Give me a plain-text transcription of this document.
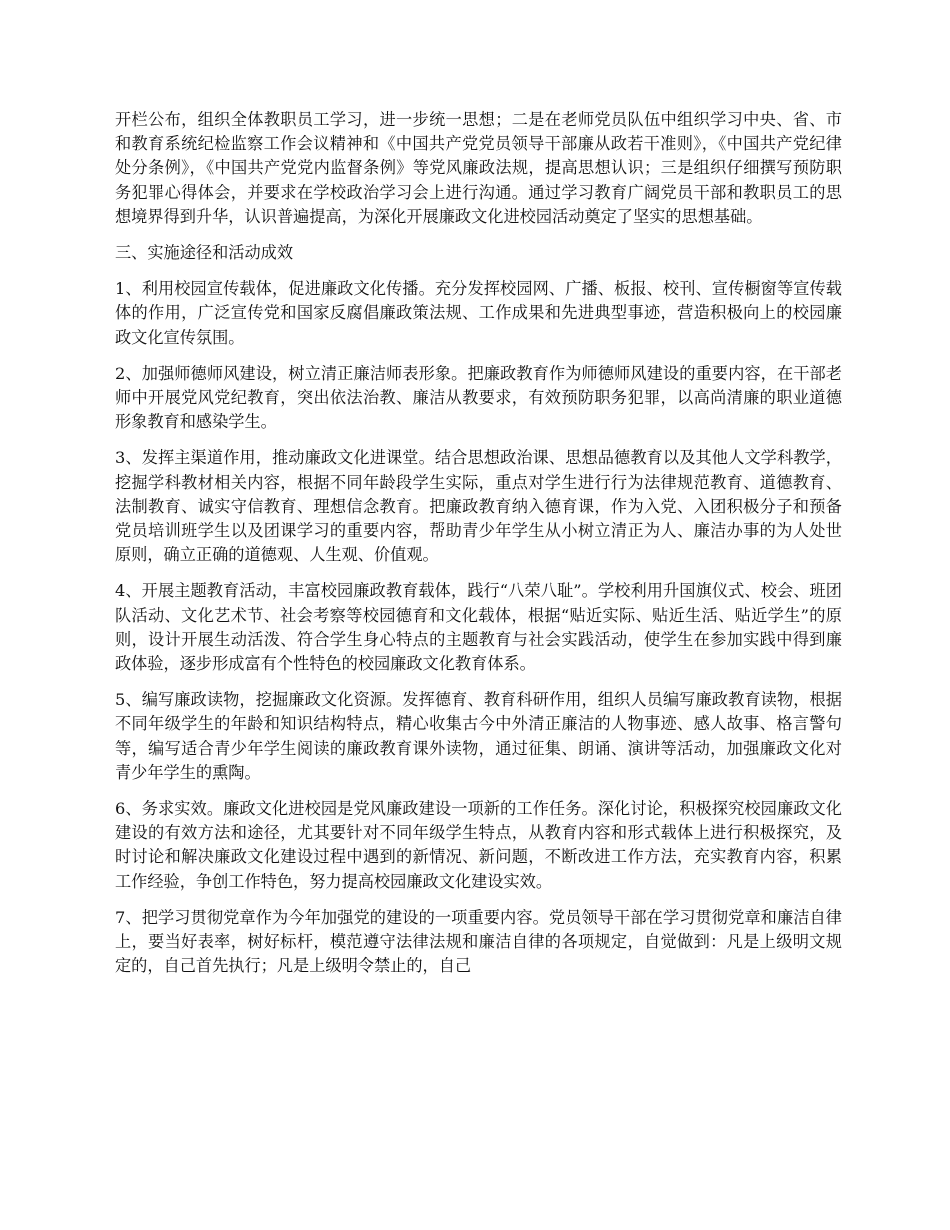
开栏公布，组织全体教职员工学习，进一步统一思想；二是在老师党员队伍中组织学习中央、省、市和教育系统纪检监察工作会议精神和《中国共产党党员领导干部廉从政若干准则》，《中国共产党纪律处分条例》，《中国共产党党内监督条例》等党风廉政法规，提高思想认识；三是组织仔细撰写预防职务犯罪心得体会，并要求在学校政治学习会上进行沟通。通过学习教育广阔党员干部和教职员工的思想境界得到升华，认识普遍提高，为深化开展廉政文化进校园活动奠定了坚实的思想基础。

三、实施途径和活动成效

1、利用校园宣传载体，促进廉政文化传播。充分发挥校园网、广播、板报、校刊、宣传橱窗等宣传载体的作用，广泛宣传党和国家反腐倡廉政策法规、工作成果和先进典型事迹，营造积极向上的校园廉政文化宣传氛围。

2、加强师德师风建设，树立清正廉洁师表形象。把廉政教育作为师德师风建设的重要内容，在干部老师中开展党风党纪教育，突出依法治教、廉洁从教要求，有效预防职务犯罪，以高尚清廉的职业道德形象教育和感染学生。

3、发挥主渠道作用，推动廉政文化进课堂。结合思想政治课、思想品德教育以及其他人文学科教学，挖掘学科教材相关内容，根据不同年龄段学生实际，重点对学生进行行为法律规范教育、道德教育、法制教育、诚实守信教育、理想信念教育。把廉政教育纳入德育课，作为入党、入团积极分子和预备党员培训班学生以及团课学习的重要内容，帮助青少年学生从小树立清正为人、廉洁办事的为人处世原则，确立正确的道德观、人生观、价值观。

4、开展主题教育活动，丰富校园廉政教育载体，践行“八荣八耻”。学校利用升国旗仪式、校会、班团队活动、文化艺术节、社会考察等校园德育和文化载体，根据“贴近实际、贴近生活、贴近学生”的原则，设计开展生动活泼、符合学生身心特点的主题教育与社会实践活动，使学生在参加实践中得到廉政体验，逐步形成富有个性特色的校园廉政文化教育体系。

5、编写廉政读物，挖掘廉政文化资源。发挥德育、教育科研作用，组织人员编写廉政教育读物，根据不同年级学生的年龄和知识结构特点，精心收集古今中外清正廉洁的人物事迹、感人故事、格言警句等，编写适合青少年学生阅读的廉政教育课外读物，通过征集、朗诵、演讲等活动，加强廉政文化对青少年学生的熏陶。

6、务求实效。廉政文化进校园是党风廉政建设一项新的工作任务。深化讨论，积极探究校园廉政文化建设的有效方法和途径，尤其要针对不同年级学生特点，从教育内容和形式载体上进行积极探究，及时讨论和解决廉政文化建设过程中遇到的新情况、新问题，不断改进工作方法，充实教育内容，积累工作经验，争创工作特色，努力提高校园廉政文化建设实效。

7、把学习贯彻党章作为今年加强党的建设的一项重要内容。党员领导干部在学习贯彻党章和廉洁自律上，要当好表率，树好标杆，模范遵守法律法规和廉洁自律的各项规定，自觉做到：凡是上级明文规定的，自己首先执行；凡是上级明令禁止的，自己
